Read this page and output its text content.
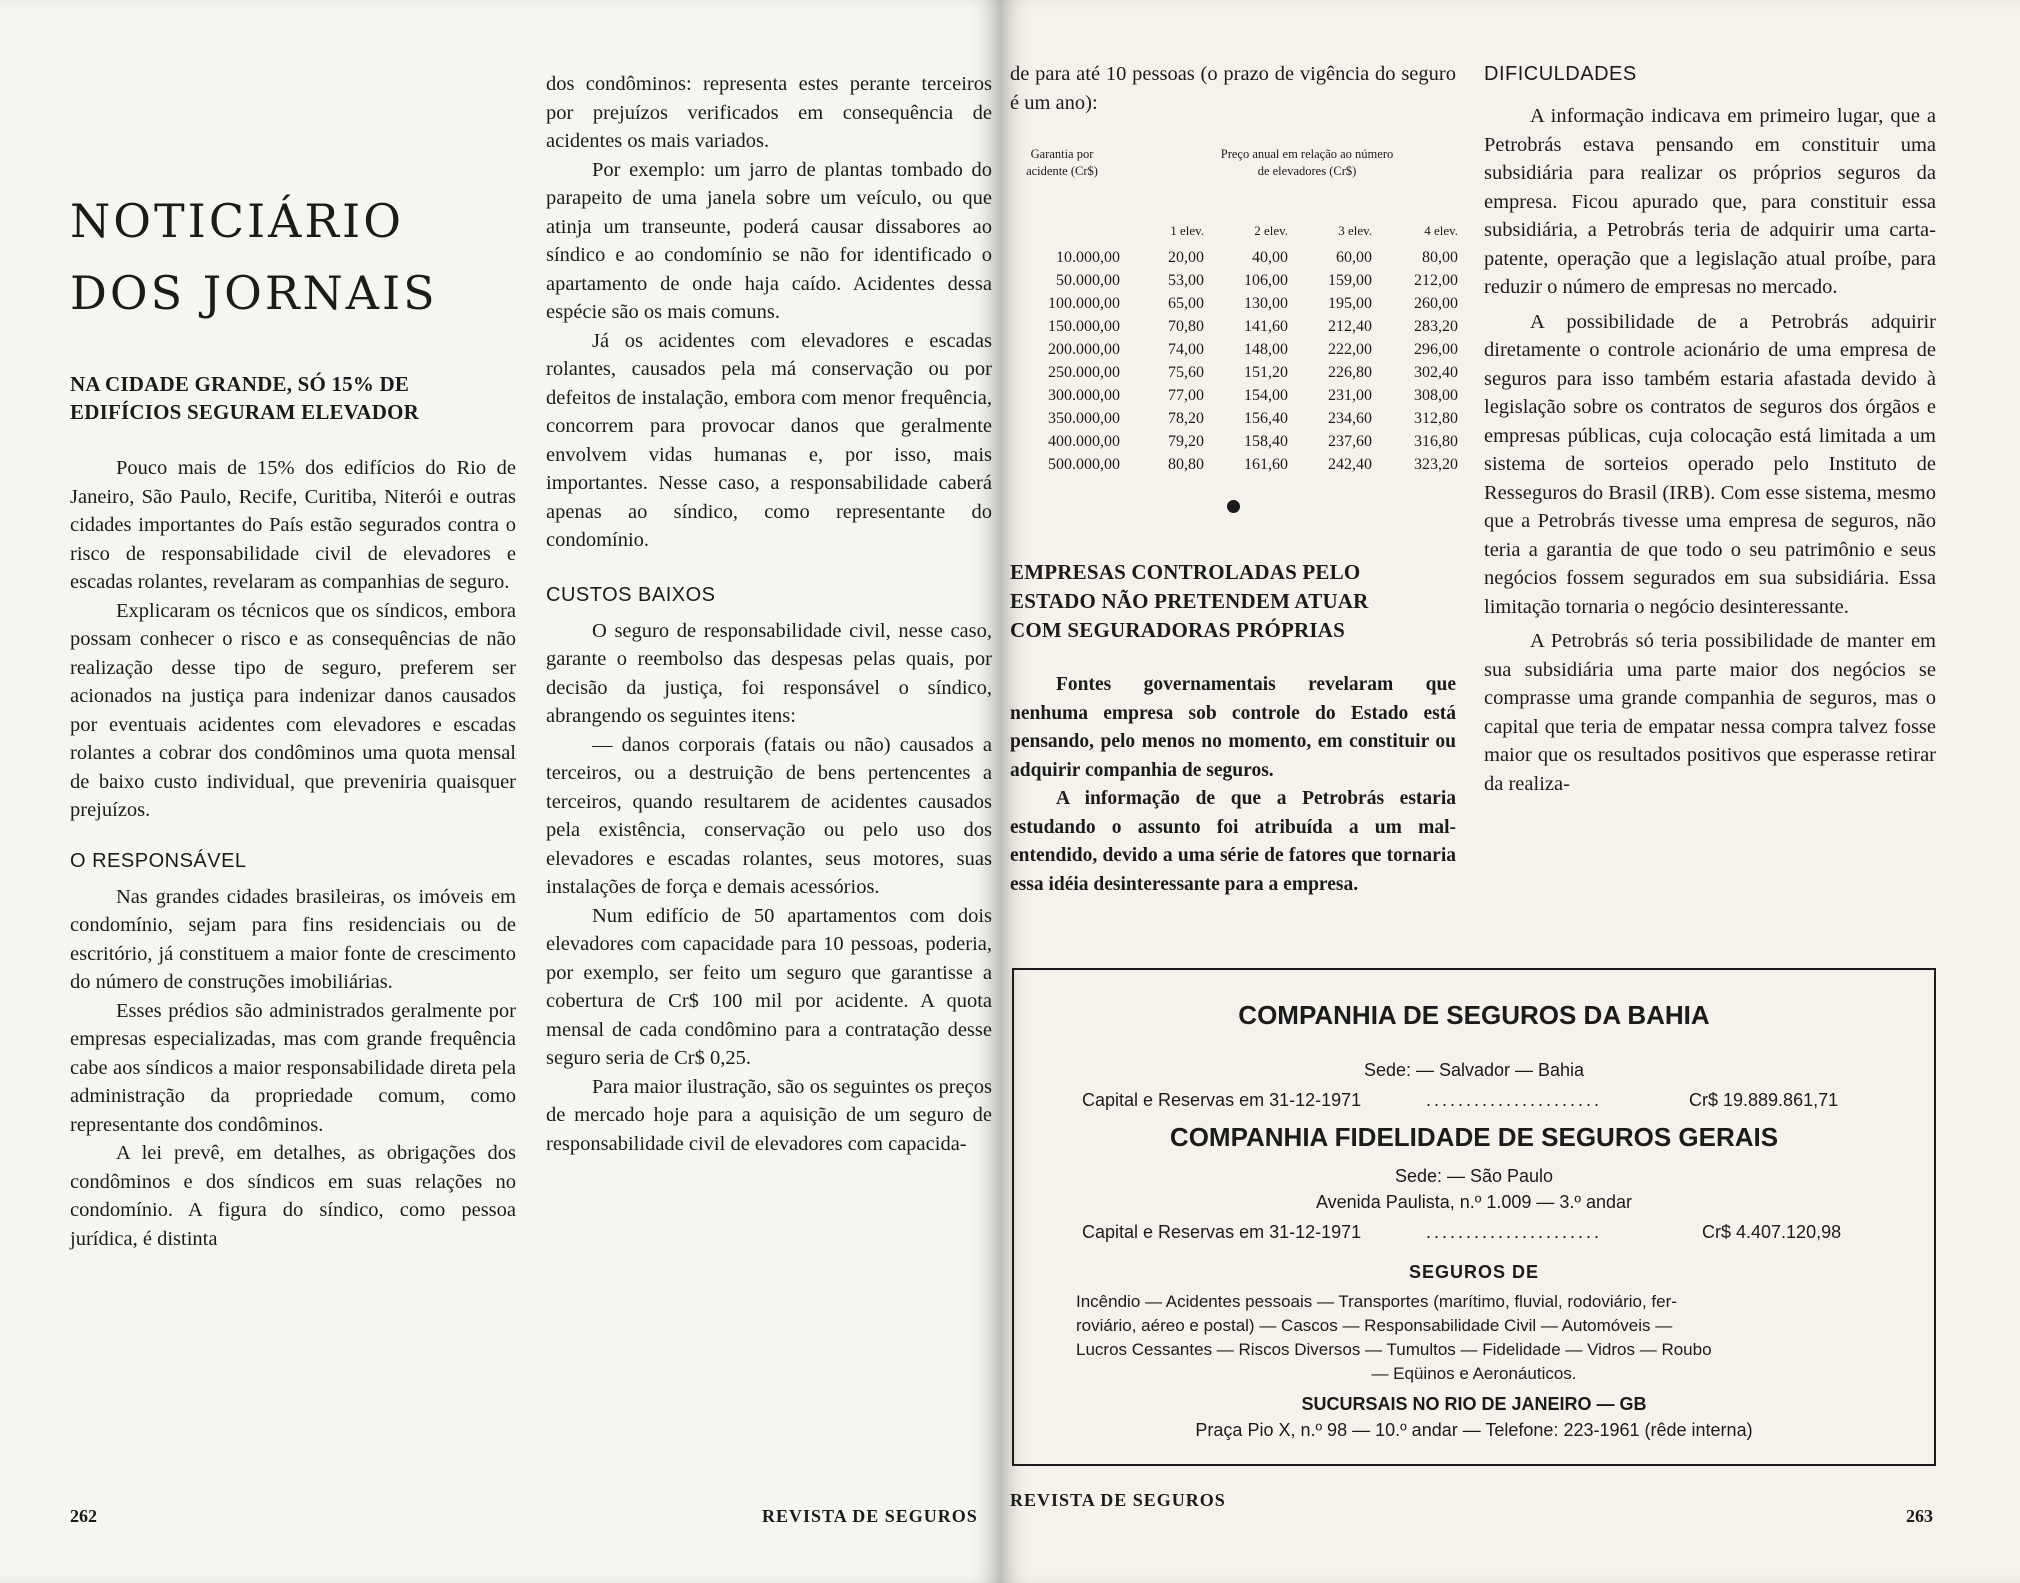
NOTICIÁRIO
DOS JORNAIS
NA CIDADE GRANDE, SÓ 15% DE
EDIFÍCIOS SEGURAM ELEVADOR

Pouco mais de 15% dos edifícios do Rio de Janeiro, São Paulo, Recife, Curitiba, Niterói e outras cidades importantes do País estão segurados contra o risco de responsabilidade civil de elevadores e escadas rolantes, revelaram as companhias de seguro.

Explicaram os técnicos que os síndicos, embora possam conhecer o risco e as consequências de não realização desse tipo de seguro, preferem ser acionados na justiça para indenizar danos causados por eventuais acidentes com elevadores e escadas rolantes a cobrar dos condôminos uma quota mensal de baixo custo individual, que preveniria quaisquer prejuízos.

O RESPONSÁVEL

Nas grandes cidades brasileiras, os imóveis em condomínio, sejam para fins residenciais ou de escritório, já constituem a maior fonte de crescimento do número de construções imobiliárias.

Esses prédios são administrados geralmente por empresas especializadas, mas com grande frequência cabe aos síndicos a maior responsabilidade direta pela administração da propriedade comum, como representante dos condôminos.

A lei prevê, em detalhes, as obrigações dos condôminos e dos síndicos em suas relações no condomínio. A figura do síndico, como pessoa jurídica, é distinta

dos condôminos: representa estes perante terceiros por prejuízos verificados em consequência de acidentes os mais variados.

Por exemplo: um jarro de plantas tombado do parapeito de uma janela sobre um veículo, ou que atinja um transeunte, poderá causar dissabores ao síndico e ao condomínio se não for identificado o apartamento de onde haja caído. Acidentes dessa espécie são os mais comuns.

Já os acidentes com elevadores e escadas rolantes, causados pela má conservação ou por defeitos de instalação, embora com menor frequência, concorrem para provocar danos que geralmente envolvem vidas humanas e, por isso, mais importantes. Nesse caso, a responsabilidade caberá apenas ao síndico, como representante do condomínio.

CUSTOS BAIXOS

O seguro de responsabilidade civil, nesse caso, garante o reembolso das despesas pelas quais, por decisão da justiça, foi responsável o síndico, abrangendo os seguintes itens:

— danos corporais (fatais ou não) causados a terceiros, ou a destruição de bens pertencentes a terceiros, quando resultarem de acidentes causados pela existência, conservação ou pelo uso dos elevadores e escadas rolantes, seus motores, suas instalações de força e demais acessórios.

Num edifício de 50 apartamentos com dois elevadores com capacidade para 10 pessoas, poderia, por exemplo, ser feito um seguro que garantisse a cobertura de Cr$ 100 mil por acidente. A quota mensal de cada condômino para a contratação desse seguro seria de Cr$ 0,25.

Para maior ilustração, são os seguintes os preços de mercado hoje para a aquisição de um seguro de responsabilidade civil de elevadores com capacida-

262	REVISTA DE SEGUROS

de para até 10 pessoas (o prazo de vigência do seguro é um ano):

Garantia por
acidente (Cr$)
Preço anual em relação ao número
de elevadores (Cr$)
	1 elev.	2 elev.	3 elev.	4 elev.
10.000,00	20,00	40,00	60,00	80,00
50.000,00	53,00	106,00	159,00	212,00
100.000,00	65,00	130,00	195,00	260,00
150.000,00	70,80	141,60	212,40	283,20
200.000,00	74,00	148,00	222,00	296,00
250.000,00	75,60	151,20	226,80	302,40
300.000,00	77,00	154,00	231,00	308,00
350.000,00	78,20	156,40	234,60	312,80
400.000,00	79,20	158,40	237,60	316,80
500.000,00	80,80	161,60	242,40	323,20
EMPRESAS CONTROLADAS PELO
ESTADO NÃO PRETENDEM ATUAR
COM SEGURADORAS PRÓPRIAS

Fontes governamentais revelaram que nenhuma empresa sob controle do Estado está pensando, pelo menos no momento, em constituir ou adquirir companhia de seguros.

A informação de que a Petrobrás estaria estudando o assunto foi atribuída a um mal-entendido, devido a uma série de fatores que tornaria essa idéia desinteressante para a empresa.

DIFICULDADES

A informação indicava em primeiro lugar, que a Petrobrás estava pensando em constituir uma subsidiária para realizar os próprios seguros da empresa. Ficou apurado que, para constituir essa subsidiária, a Petrobrás teria de adquirir uma carta-patente, operação que a legislação atual proíbe, para reduzir o número de empresas no mercado.

A possibilidade de a Petrobrás adquirir diretamente o controle acionário de uma empresa de seguros para isso também estaria afastada devido à legislação sobre os contratos de seguros dos órgãos e empresas públicas, cuja colocação está limitada a um sistema de sorteios operado pelo Instituto de Resseguros do Brasil (IRB). Com esse sistema, mesmo que a Petrobrás tivesse uma empresa de seguros, não teria a garantia de que todo o seu patrimônio e seus negócios fossem segurados em sua subsidiária. Essa limitação tornaria o negócio desinteressante.

A Petrobrás só teria possibilidade de manter em sua subsidiária uma parte maior dos negócios se comprasse uma grande companhia de seguros, mas o capital que teria de empatar nessa compra talvez fosse maior que os resultados positivos que esperasse retirar da realiza-

COMPANHIA DE SEGUROS DA BAHIA
Sede: — Salvador — Bahia
Capital e Reservas em 31-12-1971	......................	Cr$ 19.889.861,71
COMPANHIA FIDELIDADE DE SEGUROS GERAIS
Sede: — São Paulo
Avenida Paulista, n.º 1.009 — 3.º andar
Capital e Reservas em 31-12-1971	......................	Cr$ 4.407.120,98
SEGUROS DE
Incêndio — Acidentes pessoais — Transportes (marítimo, fluvial, rodoviário, fer-
roviário, aéreo e postal) — Cascos — Responsabilidade Civil — Automóveis —
Lucros Cessantes — Riscos Diversos — Tumultos — Fidelidade — Vidros — Roubo
— Eqüinos e Aeronáuticos.
SUCURSAIS NO RIO DE JANEIRO — GB
Praça Pio X, n.º 98 — 10.º andar — Telefone: 223-1961 (rêde interna)
REVISTA DE SEGUROS
263
